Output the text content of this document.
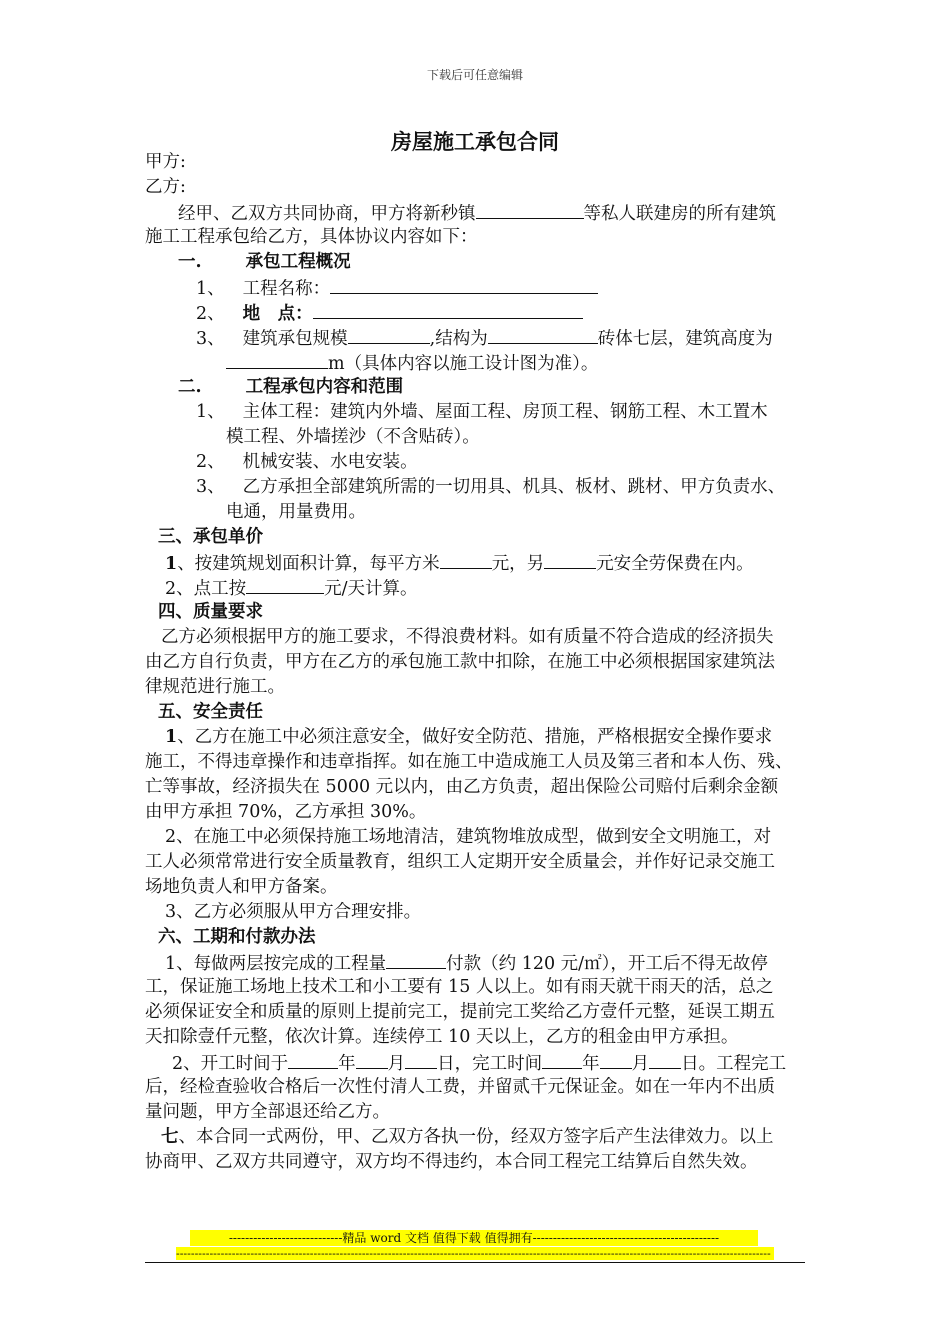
下载后可任意编辑
房屋施工承包合同
甲方:
乙方:
经甲、乙双方共同协商，甲方将新秒镇	等私人联建房的所有建筑
施工工程承包给乙方，具体协议内容如下：
一.	承包工程概况
1、 工程名称：
2、 地　点：
3、 建筑承包规模	,结构为	砖体七层，建筑高度为
m（具体内容以施工设计图为准）。
二.	工程承包内容和范围
1、 主体工程：建筑内外墙、屋面工程、房顶工程、钢筋工程、木工置木
模工程、外墙搓沙（不含贴砖）。
2、 机械安装、水电安装。
3、 乙方承担全部建筑所需的一切用具、机具、板材、跳材、甲方负责水、
电通，用量费用。
三、承包单价
1、按建筑规划面积计算，每平方米	元，另	元安全劳保费在内。
2、点工按	元/天计算。
四、质量要求
乙方必须根据甲方的施工要求，不得浪费材料。如有质量不符合造成的经济损失
由乙方自行负责，甲方在乙方的承包施工款中扣除，在施工中必须根据国家建筑法
律规范进行施工。
五、安全责任
1、乙方在施工中必须注意安全，做好安全防范、措施，严格根据安全操作要求
施工，不得违章操作和违章指挥。如在施工中造成施工人员及第三者和本人伤、残、
亡等事故，经济损失在 5000 元以内，由乙方负责，超出保险公司赔付后剩余金额
由甲方承担 70%，乙方承担 30%。
2、在施工中必须保持施工场地清洁，建筑物堆放成型，做到安全文明施工，对
工人必须常常进行安全质量教育，组织工人定期开安全质量会，并作好记录交施工
场地负责人和甲方备案。
3、乙方必须服从甲方合理安排。
六、工期和付款办法
1、每做两层按完成的工程量	付款（约 120 元/㎡），开工后不得无故停
工，保证施工场地上技术工和小工要有 15 人以上。如有雨天就干雨天的活，总之
必须保证安全和质量的原则上提前完工，提前完工奖给乙方壹仟元整，延误工期五
天扣除壹仟元整，依次计算。连续停工 10 天以上，乙方的租金由甲方承担。
2、开工时间于	年 月 日，完工时间 年 月 日。工程完工
后，经检查验收合格后一次性付清人工费，并留贰千元保证金。如在一年内不出质
量问题，甲方全部退还给乙方。
七、本合同一式两份，甲、乙双方各执一份，经双方签字后产生法律效力。以上
协商甲、乙双方共同遵守，双方均不得违约，本合同工程完工结算后自然失效。
----------------------------精品 word 文档 值得下载 值得拥有----------------------------------------------
----------------------------------------------------------------------------------------------------------------------------------------------------------------
